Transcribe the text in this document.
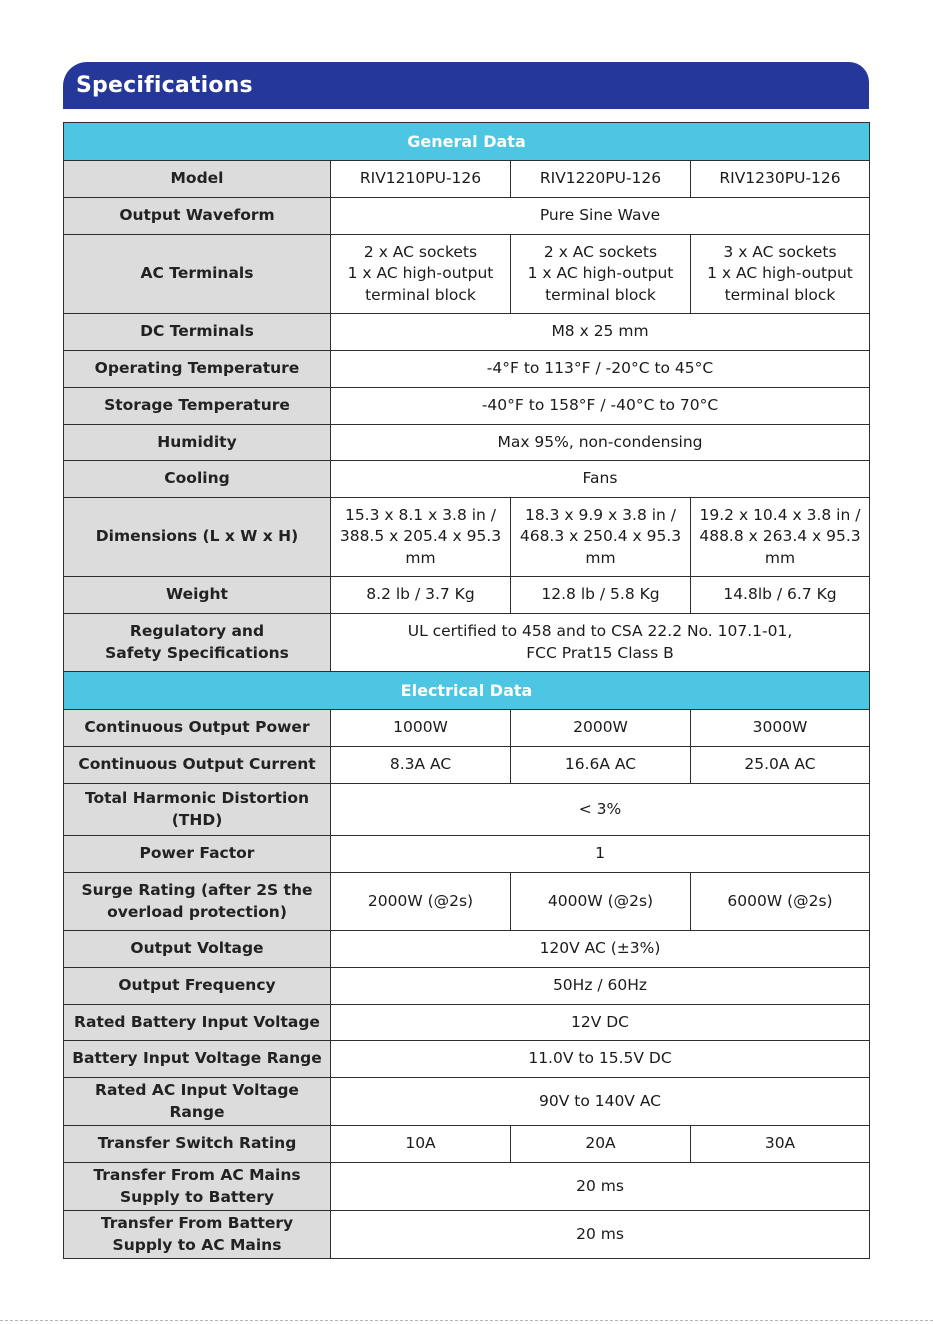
Specifications
General Data			

Model	RIV1210PU-126	RIV1220PU-126	RIV1230PU-126

Output Waveform	Pure Sine Wave		

AC Terminals	2 x AC sockets
1 x AC high-output
terminal block	2 x AC sockets
1 x AC high-output
terminal block	3 x AC sockets
1 x AC high-output
terminal block

DC Terminals	M8 x 25 mm		

Operating Temperature	-4°F to 113°F / -20°C to 45°C		

Storage Temperature	-40°F to 158°F / -40°C to 70°C		

Humidity	Max 95%, non-condensing		

Cooling	Fans		

Dimensions (L x W x H)	15.3 x 8.1 x 3.8 in /
388.5 x 205.4 x 95.3
mm	18.3 x 9.9 x 3.8 in /
468.3 x 250.4 x 95.3
mm	19.2 x 10.4 x 3.8 in /
488.8 x 263.4 x 95.3
mm

Weight	8.2 lb / 3.7 Kg	12.8 lb / 5.8 Kg	14.8lb / 6.7 Kg

Regulatory and
Safety Specifications	UL certified to 458 and to CSA 22.2 No. 107.1-01,
FCC Prat15 Class B		

Electrical Data			

Continuous Output Power	1000W	2000W	3000W

Continuous Output Current	8.3A AC	16.6A AC	25.0A AC

Total Harmonic Distortion
(THD)	< 3%		

Power Factor	1		

Surge Rating (after 2S the
overload protection)	2000W (@2s)	4000W (@2s)	6000W (@2s)

Output Voltage	120V AC (±3%)		

Output Frequency	50Hz / 60Hz		

Rated Battery Input Voltage	12V DC		

Battery Input Voltage Range	11.0V to 15.5V DC		

Rated AC Input Voltage
Range	90V to 140V AC		

Transfer Switch Rating	10A	20A	30A

Transfer From AC Mains
Supply to Battery	20 ms		

Transfer From Battery
Supply to AC Mains	20 ms		
